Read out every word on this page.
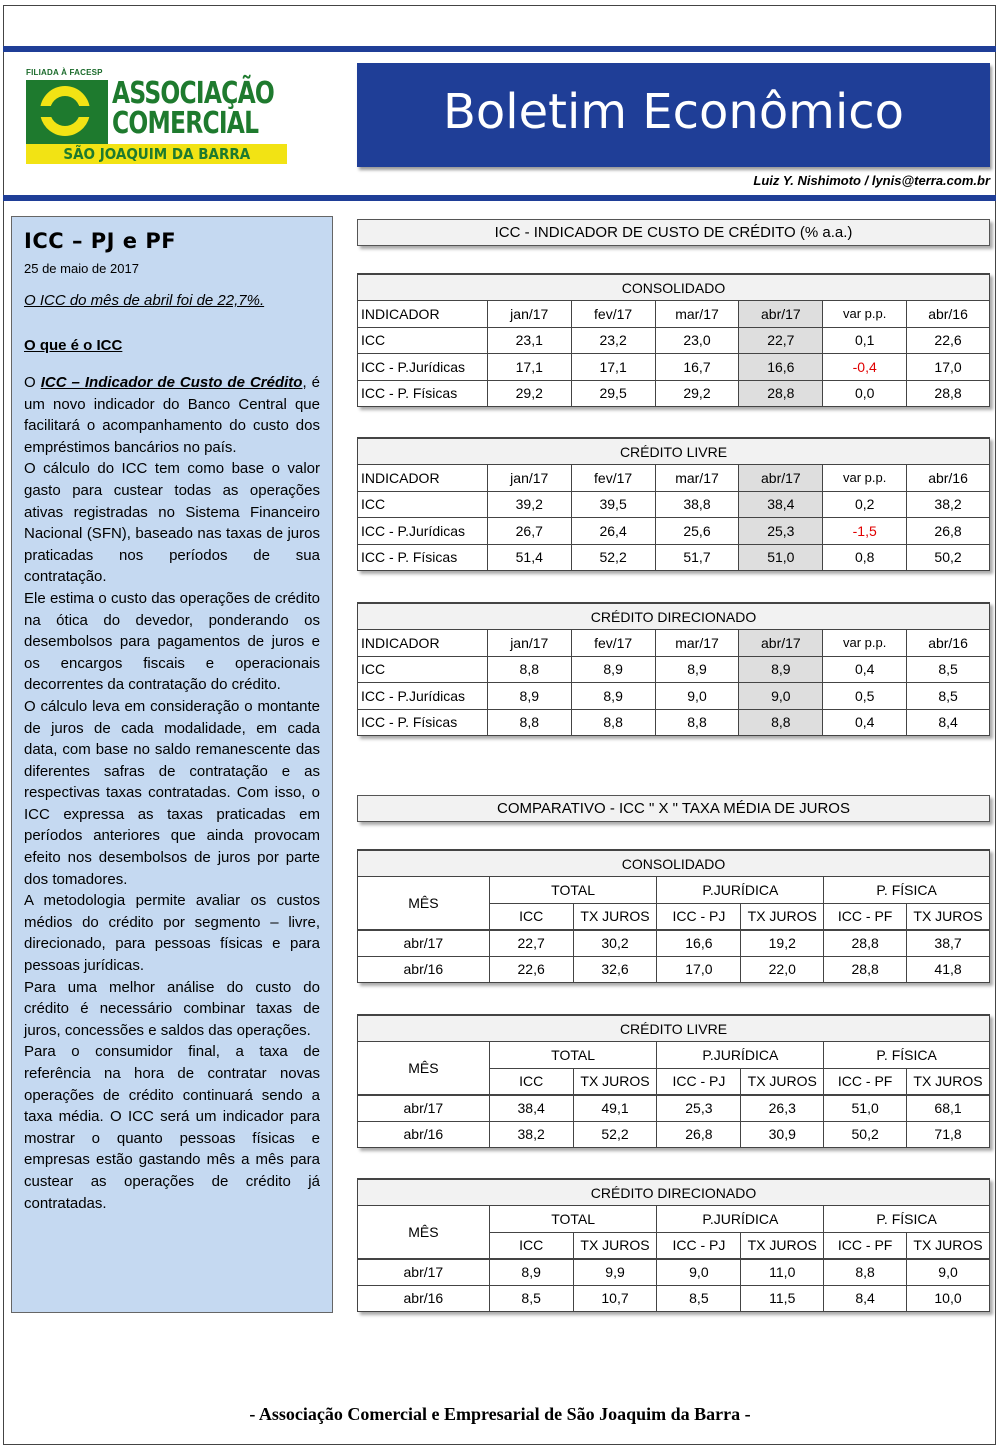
FILIADA À FACESP
ASSOCIAÇÃO
COMERCIAL
SÃO JOAQUIM DA BARRA
Boletim Econômico
Luiz Y. Nishimoto / lynis@terra.com.br
ICC – PJ e PF
25 de maio de 2017
O ICC do mês de abril foi de 22,7%.
O que é o ICC

O ICC – Indicador de Custo de Crédito, é um novo indicador do Banco Central que facilitará o acompanhamento do custo dos empréstimos bancários no país.

O cálculo do ICC tem como base o valor gasto para custear todas as operações ativas registradas no Sistema Financeiro Nacional (SFN), baseado nas taxas de juros praticadas nos períodos de sua contratação.

Ele estima o custo das operações de crédito na ótica do devedor, ponderando os desembolsos para pagamentos de juros e os encargos fiscais e operacionais decorrentes da contratação do crédito.

O cálculo leva em consideração o montante de juros de cada modalidade, em cada data, com base no saldo remanescente das diferentes safras de contratação e as respectivas taxas contratadas. Com isso, o ICC expressa as taxas praticadas em períodos anteriores que ainda provocam efeito nos desembolsos de juros por parte dos tomadores.

A metodologia permite avaliar os custos médios do crédito por segmento – livre, direcionado, para pessoas físicas e para pessoas jurídicas.

Para uma melhor análise do custo do crédito é necessário combinar taxas de juros, concessões e saldos das operações.

Para o consumidor final, a taxa de referência na hora de contratar novas operações de crédito continuará sendo a taxa média. O ICC será um indicador para mostrar o quanto pessoas físicas e empresas estão gastando mês a mês para custear as operações de crédito já contratadas.

ICC - INDICADOR DE CUSTO DE CRÉDITO (% a.a.)
CONSOLIDADO						
INDICADOR	jan/17	fev/17	mar/17	abr/17	var p.p.	abr/16
ICC	23,1	23,2	23,0	22,7	0,1	22,6
ICC - P.Jurídicas	17,1	17,1	16,7	16,6	-0,4	17,0
ICC - P. Físicas	29,2	29,5	29,2	28,8	0,0	28,8
CRÉDITO LIVRE						
INDICADOR	jan/17	fev/17	mar/17	abr/17	var p.p.	abr/16
ICC	39,2	39,5	38,8	38,4	0,2	38,2
ICC - P.Jurídicas	26,7	26,4	25,6	25,3	-1,5	26,8
ICC - P. Físicas	51,4	52,2	51,7	51,0	0,8	50,2
CRÉDITO DIRECIONADO						
INDICADOR	jan/17	fev/17	mar/17	abr/17	var p.p.	abr/16
ICC	8,8	8,9	8,9	8,9	0,4	8,5
ICC - P.Jurídicas	8,9	8,9	9,0	9,0	0,5	8,5
ICC - P. Físicas	8,8	8,8	8,8	8,8	0,4	8,4
COMPARATIVO - ICC " X " TAXA MÉDIA DE JUROS
CONSOLIDADO						
MÊS	TOTAL		P.JURÍDICA		P. FÍSICA	
	ICC	TX JUROS	ICC - PJ	TX JUROS	ICC - PF	TX JUROS
abr/17	22,7	30,2	16,6	19,2	28,8	38,7
abr/16	22,6	32,6	17,0	22,0	28,8	41,8
CRÉDITO LIVRE						
MÊS	TOTAL		P.JURÍDICA		P. FÍSICA	
	ICC	TX JUROS	ICC - PJ	TX JUROS	ICC - PF	TX JUROS
abr/17	38,4	49,1	25,3	26,3	51,0	68,1
abr/16	38,2	52,2	26,8	30,9	50,2	71,8
CRÉDITO DIRECIONADO						
MÊS	TOTAL		P.JURÍDICA		P. FÍSICA	
	ICC	TX JUROS	ICC - PJ	TX JUROS	ICC - PF	TX JUROS
abr/17	8,9	9,9	9,0	11,0	8,8	9,0
abr/16	8,5	10,7	8,5	11,5	8,4	10,0
- Associação Comercial e Empresarial de São Joaquim da Barra -
